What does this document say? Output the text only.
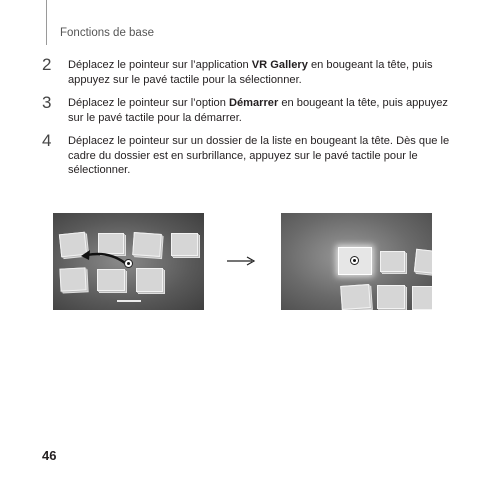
Fonctions de base
2 Déplacez le pointeur sur l’application VR Gallery en bougeant la tête, puis appuyez sur le pavé tactile pour la sélectionner.
3 Déplacez le pointeur sur l’option Démarrer en bougeant la tête, puis appuyez sur le pavé tactile pour la démarrer.
4 Déplacez le pointeur sur un dossier de la liste en bougeant la tête. Dès que le cadre du dossier est en surbrillance, appuyez sur le pavé tactile pour le sélectionner.
46
